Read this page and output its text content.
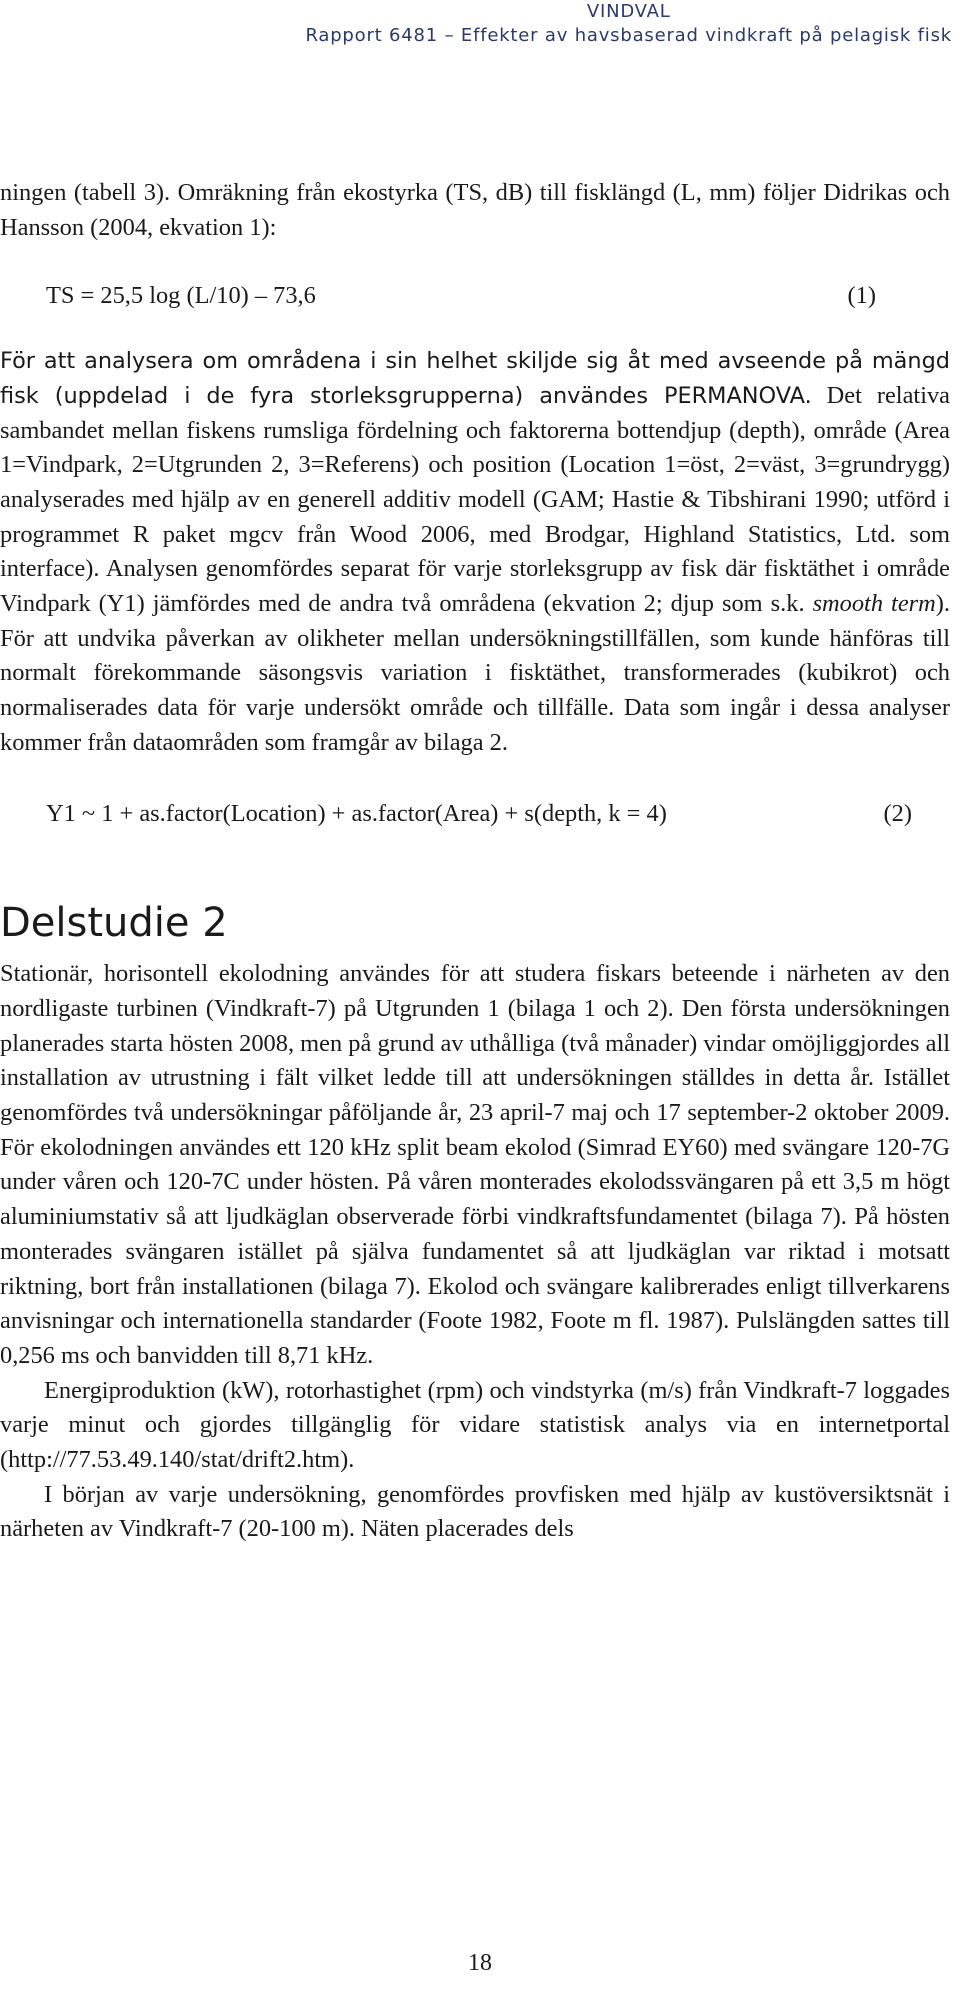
VINDVAL
Rapport 6481 – Effekter av havsbaserad vindkraft på pelagisk fisk

ningen (tabell 3). Omräkning från ekostyrka (TS, dB) till fisklängd (L, mm) följer Didrikas och Hansson (2004, ekvation 1):

TS = 25,5 log (L/10) – 73,6	(1)

För att analysera om områdena i sin helhet skiljde sig åt med avseende på mängd fisk (uppdelad i de fyra storleksgrupperna) användes PERMANOVA. Det relativa sambandet mellan fiskens rumsliga fördelning och faktorerna bottendjup (depth), område (Area 1=Vindpark, 2=Utgrunden 2, 3=Referens) och position (Location 1=öst, 2=väst, 3=grundrygg) analyserades med hjälp av en generell additiv modell (GAM; Hastie & Tibshirani 1990; utförd i programmet R paket mgcv från Wood 2006, med Brodgar, Highland Statistics, Ltd. som interface). Analysen genomfördes separat för varje storleksgrupp av fisk där fisktäthet i område Vindpark (Y1) jämfördes med de andra två områdena (ekvation 2; djup som s.k. smooth term). För att undvika påverkan av olikheter mellan undersökningstillfällen, som kunde hänföras till normalt förekommande säsongsvis variation i fisktäthet, transformerades (kubikrot) och normaliserades data för varje undersökt område och tillfälle. Data som ingår i dessa analyser kommer från dataområden som framgår av bilaga 2.

Y1 ~ 1 + as.factor(Location) + as.factor(Area) + s(depth, k = 4)	(2)
Delstudie 2

Stationär, horisontell ekolodning användes för att studera fiskars beteende i närheten av den nordligaste turbinen (Vindkraft-7) på Utgrunden 1 (bilaga 1 och 2). Den första undersökningen planerades starta hösten 2008, men på grund av uthålliga (två månader) vindar omöjliggjordes all installation av utrustning i fält vilket ledde till att undersökningen ställdes in detta år. Istället genomfördes två undersökningar påföljande år, 23 april-7 maj och 17 september-2 oktober 2009. För ekolodningen användes ett 120 kHz split beam ekolod (Simrad EY60) med svängare 120-7G under våren och 120-7C under hösten. På våren monterades ekolodssvängaren på ett 3,5 m högt aluminiumstativ så att ljudkäglan observerade förbi vindkraftsfundamentet (bilaga 7). På hösten monterades svängaren istället på själva fundamentet så att ljudkäglan var riktad i motsatt riktning, bort från installationen (bilaga 7). Ekolod och svängare kalibrerades enligt tillverkarens anvisningar och internationella standarder (Foote 1982, Foote m fl. 1987). Pulslängden sattes till 0,256 ms och banvidden till 8,71 kHz.

Energiproduktion (kW), rotorhastighet (rpm) och vindstyrka (m/s) från Vindkraft-7 loggades varje minut och gjordes tillgänglig för vidare statistisk analys via en internetportal (http://77.53.49.140/stat/drift2.htm).

I början av varje undersökning, genomfördes provfisken med hjälp av kustöversiktsnät i närheten av Vindkraft-7 (20-100 m). Näten placerades dels

18
